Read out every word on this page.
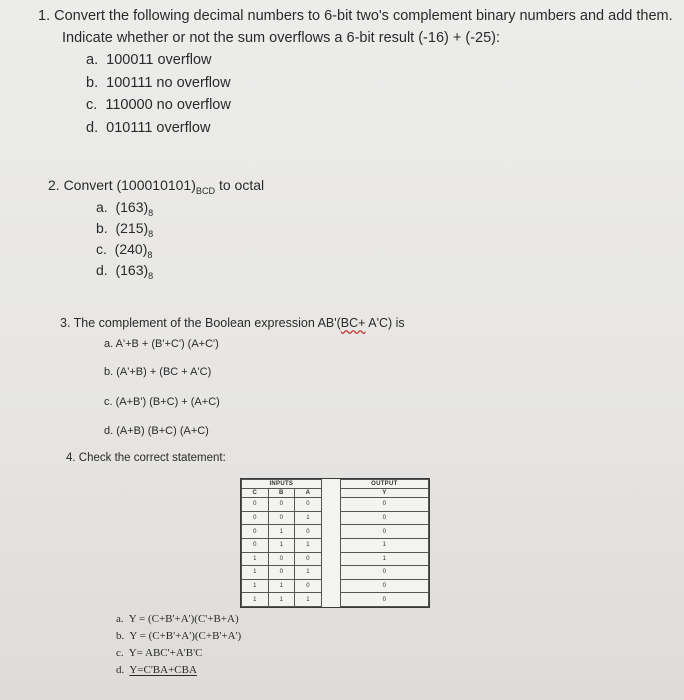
1. Convert the following decimal numbers to 6-bit two's complement binary numbers and add them.
Indicate whether or not the sum overflows a 6-bit result (-16) + (-25):
a. 100011 overflow
b. 100111 no overflow
c. 110000 no overflow
d. 010111 overflow
2. Convert $(100010101)_{BCD}$ to octal
a. $(163)_8$
b. $(215)_8$
c. $(240)_8$
d. $(163)_8$
3. The complement of the Boolean expression AB'(BC+ A'C) is
a. A'+B + (B'+C') (A+C')
b. (A'+B) + (BC + A'C)
c. (A+B') (B+C) + (A+C)
d. (A+B) (B+C) (A+C)
4. Check the correct statement:
INPUTS				OUTPUT
C	B	A		Y
0	0	0		0
0	0	1		0
0	1	0		0
0	1	1		1
1	0	0		1
1	0	1		0
1	1	0		0
1	1	1		0
a. Y = (C+B'+A')(C'+B+A)
b. Y = (C+B'+A')(C+B'+A')
c. Y= ABC'+A'B'C
d. Y=C'BA+CBA
